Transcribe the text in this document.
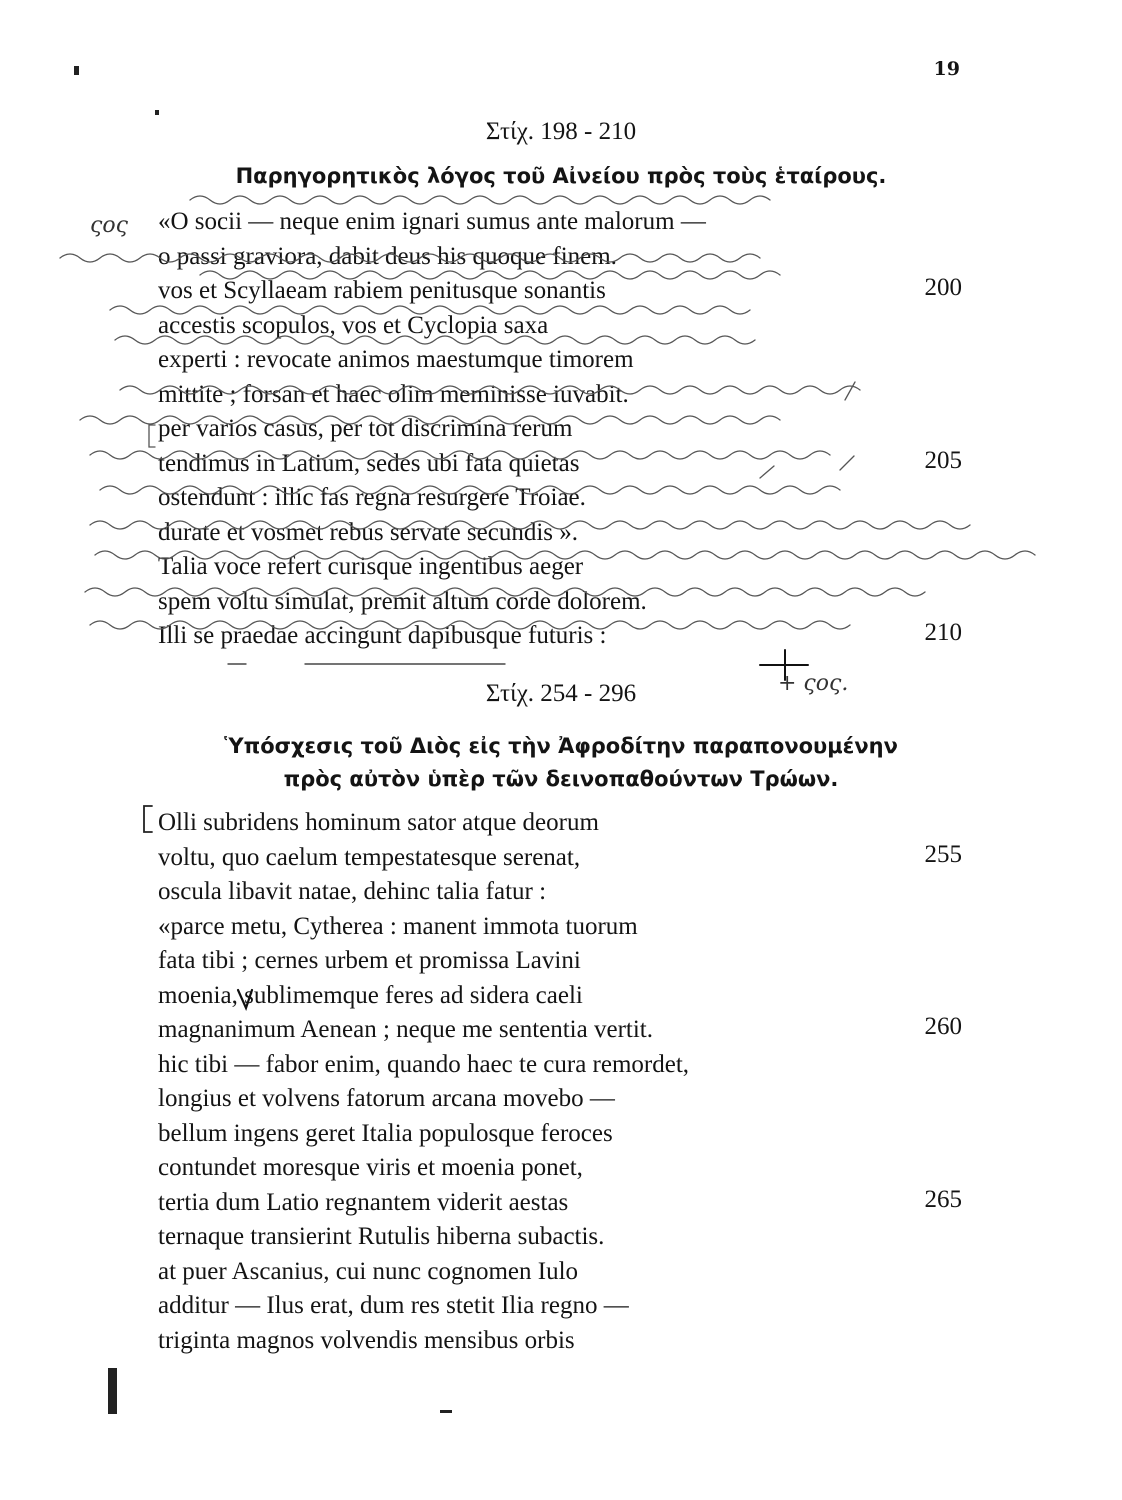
19
Στίχ. 198 - 210
Παρηγορητικὸς λόγος τοῦ Αἰνείου πρὸς τοὺς ἑταίρους.
«O socii — neque enim ignari sumus ante malorum —
o passi graviora, dabit deus his quoque finem.
vos et Scyllaeam rabiem penitusque sonantis
accestis scopulos, vos et Cyclopia saxa
experti : revocate animos maestumque timorem
mittite ; forsan et haec olim meminisse iuvabit.
per varios casus, per tot discrimina rerum
tendimus in Latium, sedes ubi fata quietas
ostendunt : illic fas regna resurgere Troiae.
durate et vosmet rebus servate secundis ».
Talia voce refert curisque ingentibus aeger
spem voltu simulat, premit altum corde dolorem.
Illi se praedae accingunt dapibusque futuris :
200
205
210
Στίχ. 254 - 296
Ὑπόσχεσις τοῦ Διὸς εἰς τὴν Ἀφροδίτην παραπονουμένην
πρὸς αὐτὸν ὑπὲρ τῶν δεινοπαθούντων Τρώων.
Olli subridens hominum sator atque deorum
voltu, quo caelum tempestatesque serenat,
oscula libavit natae, dehinc talia fatur :
«parce metu, Cytherea : manent immota tuorum
fata tibi ; cernes urbem et promissa Lavini
moenia, sublimemque feres ad sidera caeli
magnanimum Aenean ; neque me sententia vertit.
hic tibi — fabor enim, quando haec te cura remordet,
longius et volvens fatorum arcana movebo —
bellum ingens geret Italia populosque feroces
contundet moresque viris et moenia ponet,
tertia dum Latio regnantem viderit aestas
ternaque transierint Rutulis hiberna subactis.
at puer Ascanius, cui nunc cognomen Iulo
additur — Ilus erat, dum res stetit Ilia regno —
triginta magnos volvendis mensibus orbis
255
260
265
ςος
+ ςος.
